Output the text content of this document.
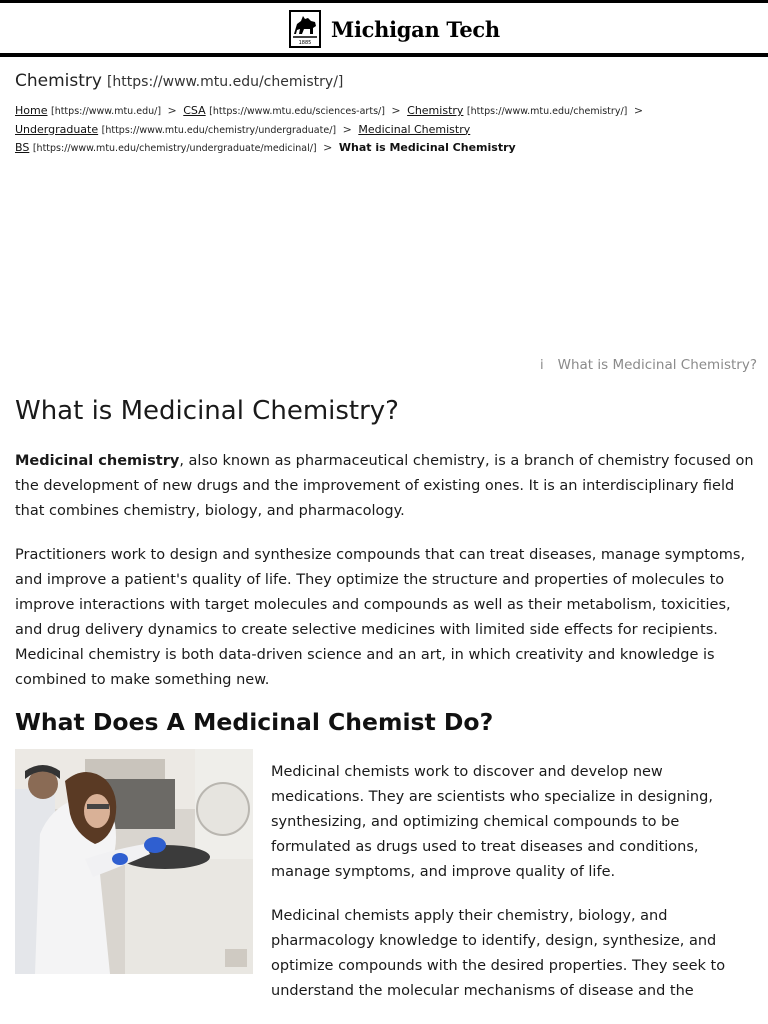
1885
Michigan Tech
Chemistry [https://www.mtu.edu/chemistry/]
Home [https://www.mtu.edu/] > CSA [https://www.mtu.edu/sciences-arts/] > Chemistry [https://www.mtu.edu/chemistry/] >
Undergraduate [https://www.mtu.edu/chemistry/undergraduate/] > Medicinal Chemistry
BS [https://www.mtu.edu/chemistry/undergraduate/medicinal/] > What is Medicinal Chemistry
i What is Medicinal Chemistry?
What is Medicinal Chemistry?

Medicinal chemistry, also known as pharmaceutical chemistry, is a branch of chemistry focused on the development of new drugs and the improvement of existing ones. It is an interdisciplinary field that combines chemistry, biology, and pharmacology.

Practitioners work to design and synthesize compounds that can treat diseases, manage symptoms, and improve a patient's quality of life. They optimize the structure and properties of molecules to improve interactions with target molecules and compounds as well as their metabolism, toxicities, and drug delivery dynamics to create selective medicines with limited side effects for recipients. Medicinal chemistry is both data-driven science and an art, in which creativity and knowledge is combined to make something new.

What Does A Medicinal Chemist Do?

Medicinal chemists work to discover and develop new medications. They are scientists who specialize in designing, synthesizing, and optimizing chemical compounds to be formulated as drugs used to treat diseases and conditions, manage symptoms, and improve quality of life.

Medicinal chemists apply their chemistry, biology, and pharmacology knowledge to identify, design, synthesize, and optimize compounds with the desired properties. They seek to understand the molecular mechanisms of disease and the
